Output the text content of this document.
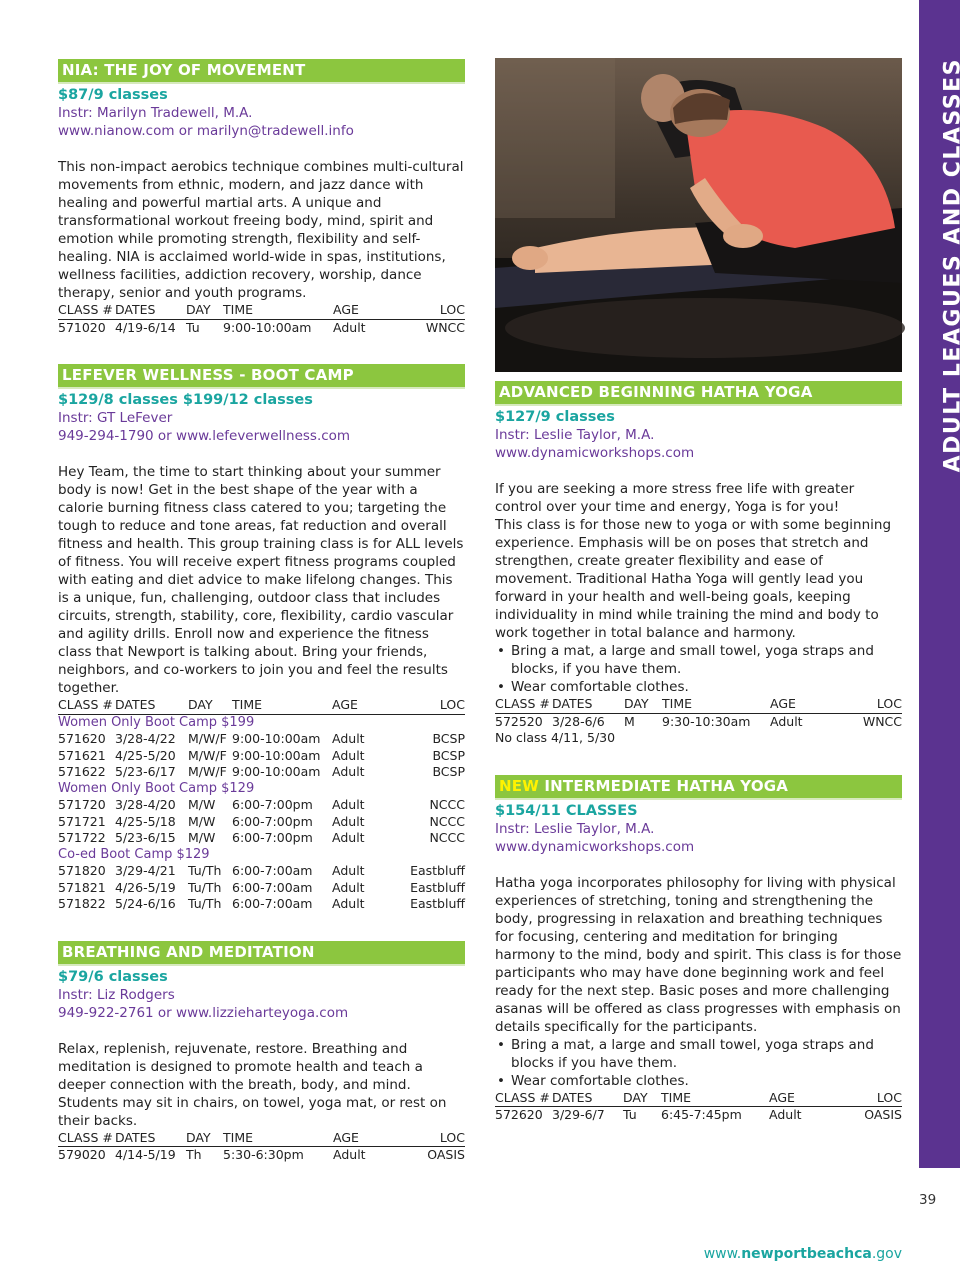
ADULT LEAGUES AND CLASSES
NIA: THE JOY OF MOVEMENT
$87/9 classes
Instr: Marilyn Tradewell, M.A.
www.nianow.com or marilyn@tradewell.info
This non-impact aerobics technique combines multi-cultural movements from ethnic, modern, and jazz dance with healing and powerful martial arts. A unique and transformational workout freeing body, mind, spirit and emotion while promoting strength, flexibility and self-healing. NIA is acclaimed world-wide in spas, institutions, wellness facilities, addiction recovery, worship, dance therapy, senior and youth programs.
CLASS #	DATES	DAY	TIME	AGE	LOC
571020	4/19-6/14	Tu	9:00-10:00am	Adult	WNCC
LEFEVER WELLNESS - BOOT CAMP
$129/8 classes $199/12 classes
Instr: GT LeFever
949-294-1790 or www.lefeverwellness.com
Hey Team, the time to start thinking about your summer body is now! Get in the best shape of the year with a calorie burning fitness class catered to you; targeting the tough to reduce and tone areas, fat reduction and overall fitness and health. This group training class is for ALL levels of fitness. You will receive expert fitness programs coupled with eating and diet advice to make lifelong changes. This is a unique, fun, challenging, outdoor class that includes circuits, strength, stability, core, flexibility, cardio vascular and agility drills. Enroll now and experience the fitness class that Newport is talking about. Bring your friends, neighbors, and co-workers to join you and feel the results together.
CLASS #	DATES	DAY	TIME	AGE	LOC
Women Only Boot Camp $199					
571620	3/28-4/22	M/W/F	9:00-10:00am	Adult	BCSP
571621	4/25-5/20	M/W/F	9:00-10:00am	Adult	BCSP
571622	5/23-6/17	M/W/F	9:00-10:00am	Adult	BCSP
Women Only Boot Camp $129					
571720	3/28-4/20	M/W	6:00-7:00pm	Adult	NCCC
571721	4/25-5/18	M/W	6:00-7:00pm	Adult	NCCC
571722	5/23-6/15	M/W	6:00-7:00pm	Adult	NCCC
Co-ed Boot Camp $129					
571820	3/29-4/21	Tu/Th	6:00-7:00am	Adult	Eastbluff
571821	4/26-5/19	Tu/Th	6:00-7:00am	Adult	Eastbluff
571822	5/24-6/16	Tu/Th	6:00-7:00am	Adult	Eastbluff
BREATHING AND MEDITATION
$79/6 classes
Instr: Liz Rodgers
949-922-2761 or www.lizzieharteyoga.com
Relax, replenish, rejuvenate, restore. Breathing and meditation is designed to promote health and teach a deeper connection with the breath, body, and mind. Students may sit in chairs, on towel, yoga mat, or rest on their backs.
CLASS #	DATES	DAY	TIME	AGE	LOC
579020	4/14-5/19	Th	5:30-6:30pm	Adult	OASIS
ADVANCED BEGINNING HATHA YOGA
$127/9 classes
Instr: Leslie Taylor, M.A.
www.dynamicworkshops.com

If you are seeking a more stress free life with greater control over your time and energy, Yoga is for you!

This class is for those new to yoga or with some beginning experience. Emphasis will be on poses that stretch and strengthen, create greater flexibility and ease of movement. Traditional Hatha Yoga will gently lead you forward in your health and well-being goals, keeping individuality in mind while training the mind and body to work together in total balance and harmony.

• Bring a mat, a large and small towel, yoga straps and blocks, if you have them.
• Wear comfortable clothes.
CLASS #	DATES	DAY	TIME	AGE	LOC
572520	3/28-6/6	M	9:30-10:30am	Adult	WNCC
No class 4/11, 5/30
NEW INTERMEDIATE HATHA YOGA
$154/11 CLASSES
Instr: Leslie Taylor, M.A.
www.dynamicworkshops.com
Hatha yoga incorporates philosophy for living with physical experiences of stretching, toning and strengthening the body, progressing in relaxation and breathing techniques for focusing, centering and meditation for bringing harmony to the mind, body and spirit. This class is for those participants who may have done beginning work and feel ready for the next step. Basic poses and more challenging asanas will be offered as class progresses with emphasis on details specifically for the participants.
• Bring a mat, a large and small towel, yoga straps and blocks if you have them.
• Wear comfortable clothes.
CLASS #	DATES	DAY	TIME	AGE	LOC
572620	3/29-6/7	Tu	6:45-7:45pm	Adult	OASIS
39
www.newportbeachca.gov
